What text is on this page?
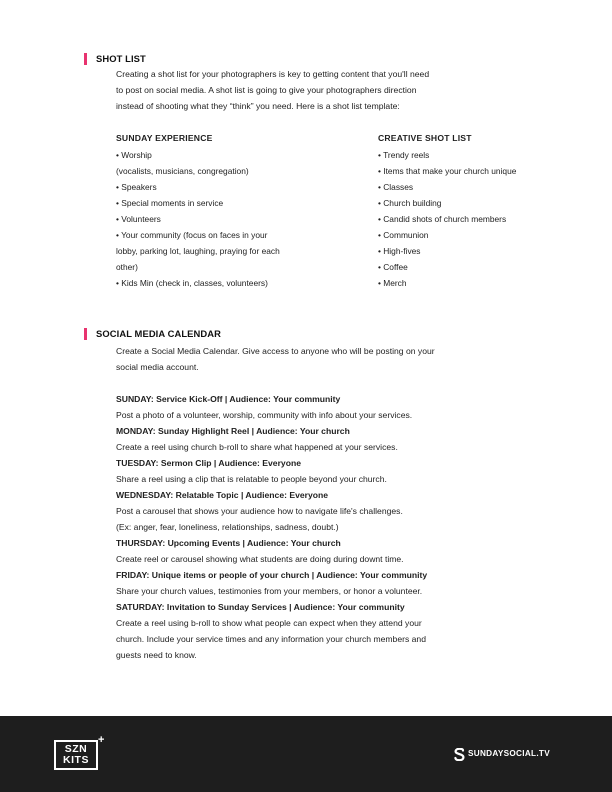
SHOT LIST
Creating a shot list for your photographers is key to getting content that you'll need
to post on social media. A shot list is going to give your photographers direction
instead of shooting what they “think” you need. Here is a shot list template:
SUNDAY EXPERIENCE
• Worship
(vocalists, musicians, congregation)
• Speakers
• Special moments in service
• Volunteers
• Your community (focus on faces in your
lobby, parking lot, laughing, praying for each
other)
• Kids Min (check in, classes, volunteers)
CREATIVE SHOT LIST
• Trendy reels
• Items that make your church unique
• Classes
• Church building
• Candid shots of church members
• Communion
• High-fives
• Coffee
• Merch
SOCIAL MEDIA CALENDAR
Create a Social Media Calendar. Give access to anyone who will be posting on your
social media account.
SUNDAY: Service Kick-Off | Audience: Your community
Post a photo of a volunteer, worship, community with info about your services.
MONDAY: Sunday Highlight Reel | Audience: Your church
Create a reel using church b-roll to share what happened at your services.
TUESDAY: Sermon Clip | Audience: Everyone
Share a reel using a clip that is relatable to people beyond your church.
WEDNESDAY: Relatable Topic | Audience: Everyone
Post a carousel that shows your audience how to navigate life's challenges.
(Ex: anger, fear, loneliness, relationships, sadness, doubt.)
THURSDAY: Upcoming Events | Audience: Your church
Create reel or carousel showing what students are doing during downt time.
FRIDAY: Unique items or people of your church | Audience: Your community
Share your church values, testimonies from your members, or honor a volunteer.
SATURDAY: Invitation to Sunday Services | Audience: Your community
Create a reel using b-roll to show what people can expect when they attend your
church. Include your service times and any information your church members and
guests need to know.
SZN
KITS
+
SUNDAYSOCIAL.TV
